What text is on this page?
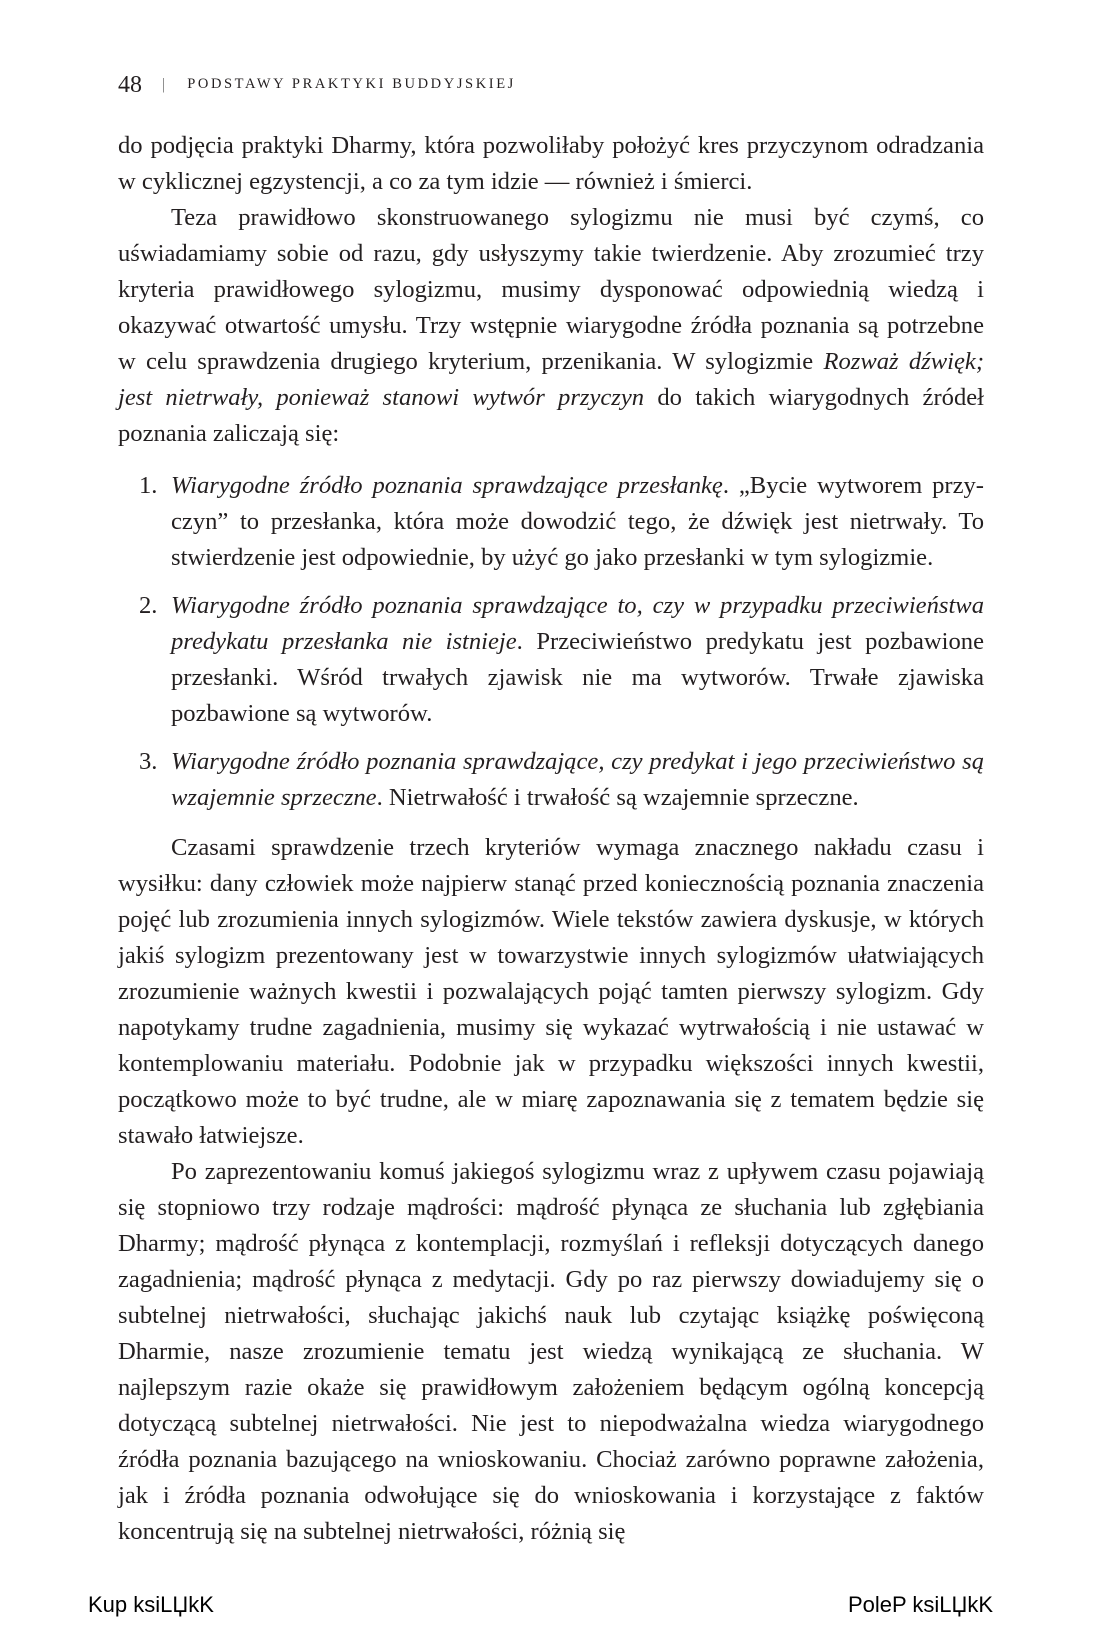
48 | PODSTAWY PRAKTYKI BUDDYJSKIEJ

do podjęcia praktyki Dharmy, która pozwoliłaby położyć kres przyczynom odradzania w cyklicznej egzystencji, a co za tym idzie — również i śmierci.

Teza prawidłowo skonstruowanego sylogizmu nie musi być czymś, co uświadamiamy sobie od razu, gdy usłyszymy takie twierdzenie. Aby zrozumieć trzy kryteria prawidłowego sylogizmu, musimy dysponować odpowiednią wiedzą i okazywać otwartość umysłu. Trzy wstępnie wiarygodne źródła poznania są potrzebne w celu sprawdzenia drugiego kryterium, przenikania. W sylogizmie Rozważ dźwięk; jest nietrwały, ponieważ stanowi wytwór przyczyn do takich wiarygodnych źródeł poznania zaliczają się:

1. Wiarygodne źródło poznania sprawdzające przesłankę. „Bycie wytworem przyczyn” to przesłanka, która może dowodzić tego, że dźwięk jest nietrwały. To stwierdzenie jest odpowiednie, by użyć go jako przesłanki w tym sylogizmie.
2. Wiarygodne źródło poznania sprawdzające to, czy w przypadku przeciwieństwa predykatu przesłanka nie istnieje. Przeciwieństwo predykatu jest pozbawione przesłanki. Wśród trwałych zjawisk nie ma wytworów. Trwałe zjawiska pozbawione są wytworów.
3. Wiarygodne źródło poznania sprawdzające, czy predykat i jego przeciwieństwo są wzajemnie sprzeczne. Nietrwałość i trwałość są wzajemnie sprzeczne.

Czasami sprawdzenie trzech kryteriów wymaga znacznego nakładu czasu i wysiłku: dany człowiek może najpierw stanąć przed koniecznością poznania znaczenia pojęć lub zrozumienia innych sylogizmów. Wiele tekstów zawiera dyskusje, w których jakiś sylogizm prezentowany jest w towarzystwie innych sylogizmów ułatwiających zrozumienie ważnych kwestii i pozwalających pojąć tamten pierwszy sylogizm. Gdy napotykamy trudne zagadnienia, musimy się wykazać wytrwałością i nie ustawać w kontemplowaniu materiału. Podobnie jak w przypadku większości innych kwestii, początkowo może to być trudne, ale w miarę zapoznawania się z tematem będzie się stawało łatwiejsze.

Po zaprezentowaniu komuś jakiegoś sylogizmu wraz z upływem czasu pojawiają się stopniowo trzy rodzaje mądrości: mądrość płynąca ze słuchania lub zgłębiania Dharmy; mądrość płynąca z kontemplacji, rozmyślań i refleksji dotyczących danego zagadnienia; mądrość płynąca z medytacji. Gdy po raz pierwszy dowiadujemy się o subtelnej nietrwałości, słuchając jakichś nauk lub czytając książkę poświęconą Dharmie, nasze zrozumienie tematu jest wiedzą wynikającą ze słuchania. W najlepszym razie okaże się prawidłowym założeniem będącym ogólną koncepcją dotyczącą subtelnej nietrwałości. Nie jest to niepodważalna wiedza wiarygodnego źródła poznania bazującego na wnioskowaniu. Chociaż zarówno poprawne założenia, jak i źródła poznania odwołujące się do wnioskowania i korzystające z faktów koncentrują się na subtelnej nietrwałości, różnią się

Kup ksiLЏkK	PoleP ksiLЏkK
